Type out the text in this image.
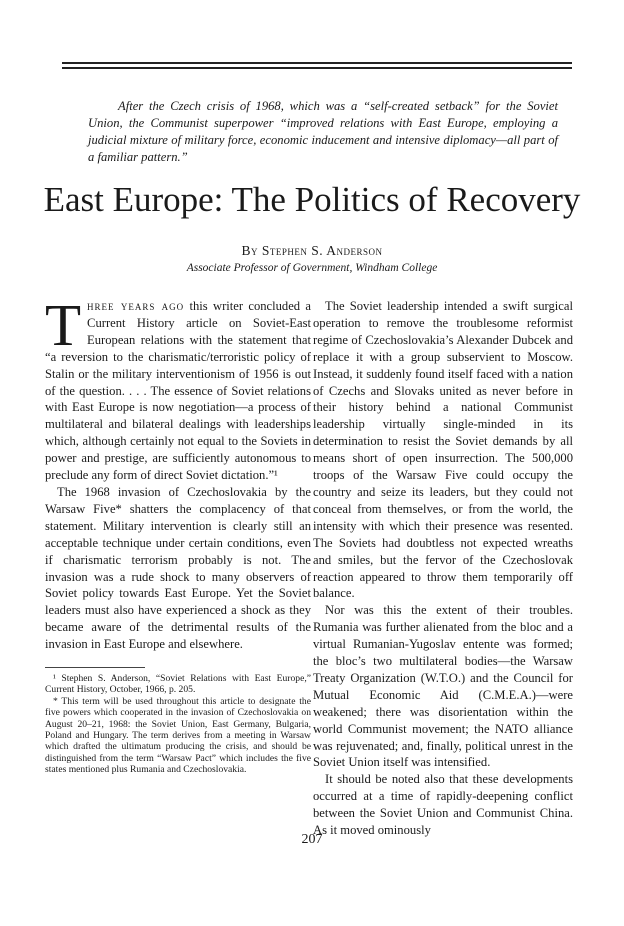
After the Czech crisis of 1968, which was a “self-created setback” for the Soviet Union, the Communist superpower “improved relations with East Europe, employing a judicial mixture of military force, economic inducement and intensive diplomacy—all part of a familiar pattern.”

East Europe: The Politics of Recovery
By Stephen S. Anderson
Associate Professor of Government, Windham College

Three years ago this writer concluded a Current History article on Soviet-East European relations with the statement that “a reversion to the charismatic/terroristic policy of Stalin or the military interventionism of 1956 is out of the question. . . . The essence of Soviet relations with East Europe is now negotiation—a process of multilateral and bilateral dealings with leaderships which, although certainly not equal to the Soviets in power and prestige, are sufficiently autonomous to preclude any form of direct Soviet dictation.”¹

The 1968 invasion of Czechoslovakia by the Warsaw Five* shatters the complacency of that statement. Military intervention is clearly still an acceptable technique under certain conditions, even if charismatic terrorism probably is not. The invasion was a rude shock to many observers of Soviet policy towards East Europe. Yet the Soviet leaders must also have experienced a shock as they became aware of the detrimental results of the invasion in East Europe and elsewhere.

¹ Stephen S. Anderson, “Soviet Relations with East Europe,” Current History, October, 1966, p. 205.

* This term will be used throughout this article to designate the five powers which cooperated in the invasion of Czechoslovakia on August 20–21, 1968: the Soviet Union, East Germany, Bulgaria, Poland and Hungary. The term derives from a meeting in Warsaw which drafted the ultimatum producing the crisis, and should be distinguished from the term “Warsaw Pact” which includes the five states mentioned plus Rumania and Czechoslovakia.

The Soviet leadership intended a swift surgical operation to remove the troublesome reformist regime of Czechoslovakia’s Alexander Dubcek and replace it with a group subservient to Moscow. Instead, it suddenly found itself faced with a nation of Czechs and Slovaks united as never before in their history behind a national Communist leadership virtually single-minded in its determination to resist the Soviet demands by all means short of open insurrection. The 500,000 troops of the Warsaw Five could occupy the country and seize its leaders, but they could not conceal from themselves, or from the world, the intensity with which their presence was resented. The Soviets had doubtless not expected wreaths and smiles, but the fervor of the Czechoslovak reaction appeared to throw them temporarily off balance.

Nor was this the extent of their troubles. Rumania was further alienated from the bloc and a virtual Rumanian-Yugoslav entente was formed; the bloc’s two multilateral bodies—the Warsaw Treaty Organization (W.T.O.) and the Council for Mutual Economic Aid (C.M.E.A.)—were weakened; there was disorientation within the world Communist movement; the NATO alliance was rejuvenated; and, finally, political unrest in the Soviet Union itself was intensified.

It should be noted also that these developments occurred at a time of rapidly-deepening conflict between the Soviet Union and Communist China. As it moved ominously

207
